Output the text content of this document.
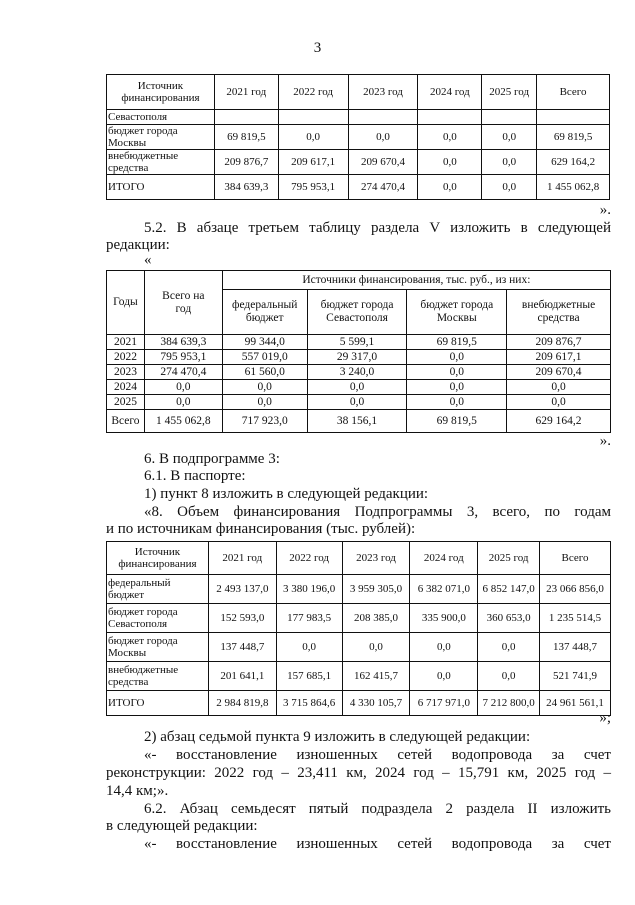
3
Источник финансирования	2021 год	2022 год	2023 год	2024 год	2025 год	Всего
Севастополя						
бюджет города Москвы	69 819,5	0,0	0,0	0,0	0,0	69 819,5
внебюджетные средства	209 876,7	209 617,1	209 670,4	0,0	0,0	629 164,2
ИТОГО	384 639,3	795 953,1	274 470,4	0,0	0,0	1 455 062,8

».

5.2. В абзаце третьем таблицу раздела V изложить в следующей

редакции:

«

Годы	Всего на год	Источники финансирования, тыс. руб., из них:			
		федеральный бюджет	бюджет города Севастополя	бюджет города Москвы	внебюджетные средства
2021	384 639,3	99 344,0	5 599,1	69 819,5	209 876,7
2022	795 953,1	557 019,0	29 317,0	0,0	209 617,1
2023	274 470,4	61 560,0	3 240,0	0,0	209 670,4
2024	0,0	0,0	0,0	0,0	0,0
2025	0,0	0,0	0,0	0,0	0,0
Всего	1 455 062,8	717 923,0	38 156,1	69 819,5	629 164,2

».

6. В подпрограмме 3:

6.1. В паспорте:

1) пункт 8 изложить в следующей редакции:

«8. Объем финансирования Подпрограммы 3, всего, по годам

и по источникам финансирования (тыс. рублей):

Источник финансирования	2021 год	2022 год	2023 год	2024 год	2025 год	Всего
федеральный бюджет	2 493 137,0	3 380 196,0	3 959 305,0	6 382 071,0	6 852 147,0	23 066 856,0
бюджет города Севастополя	152 593,0	177 983,5	208 385,0	335 900,0	360 653,0	1 235 514,5
бюджет города Москвы	137 448,7	0,0	0,0	0,0	0,0	137 448,7
внебюджетные средства	201 641,1	157 685,1	162 415,7	0,0	0,0	521 741,9
ИТОГО	2 984 819,8	3 715 864,6	4 330 105,7	6 717 971,0	7 212 800,0	24 961 561,1

»;

2) абзац седьмой пункта 9 изложить в следующей редакции:

«- восстановление изношенных сетей водопровода за счет

реконструкции: 2022 год – 23,411 км, 2024 год – 15,791 км, 2025 год –

14,4 км;».

6.2. Абзац семьдесят пятый подраздела 2 раздела II изложить

в следующей редакции:

«- восстановление изношенных сетей водопровода за счет
